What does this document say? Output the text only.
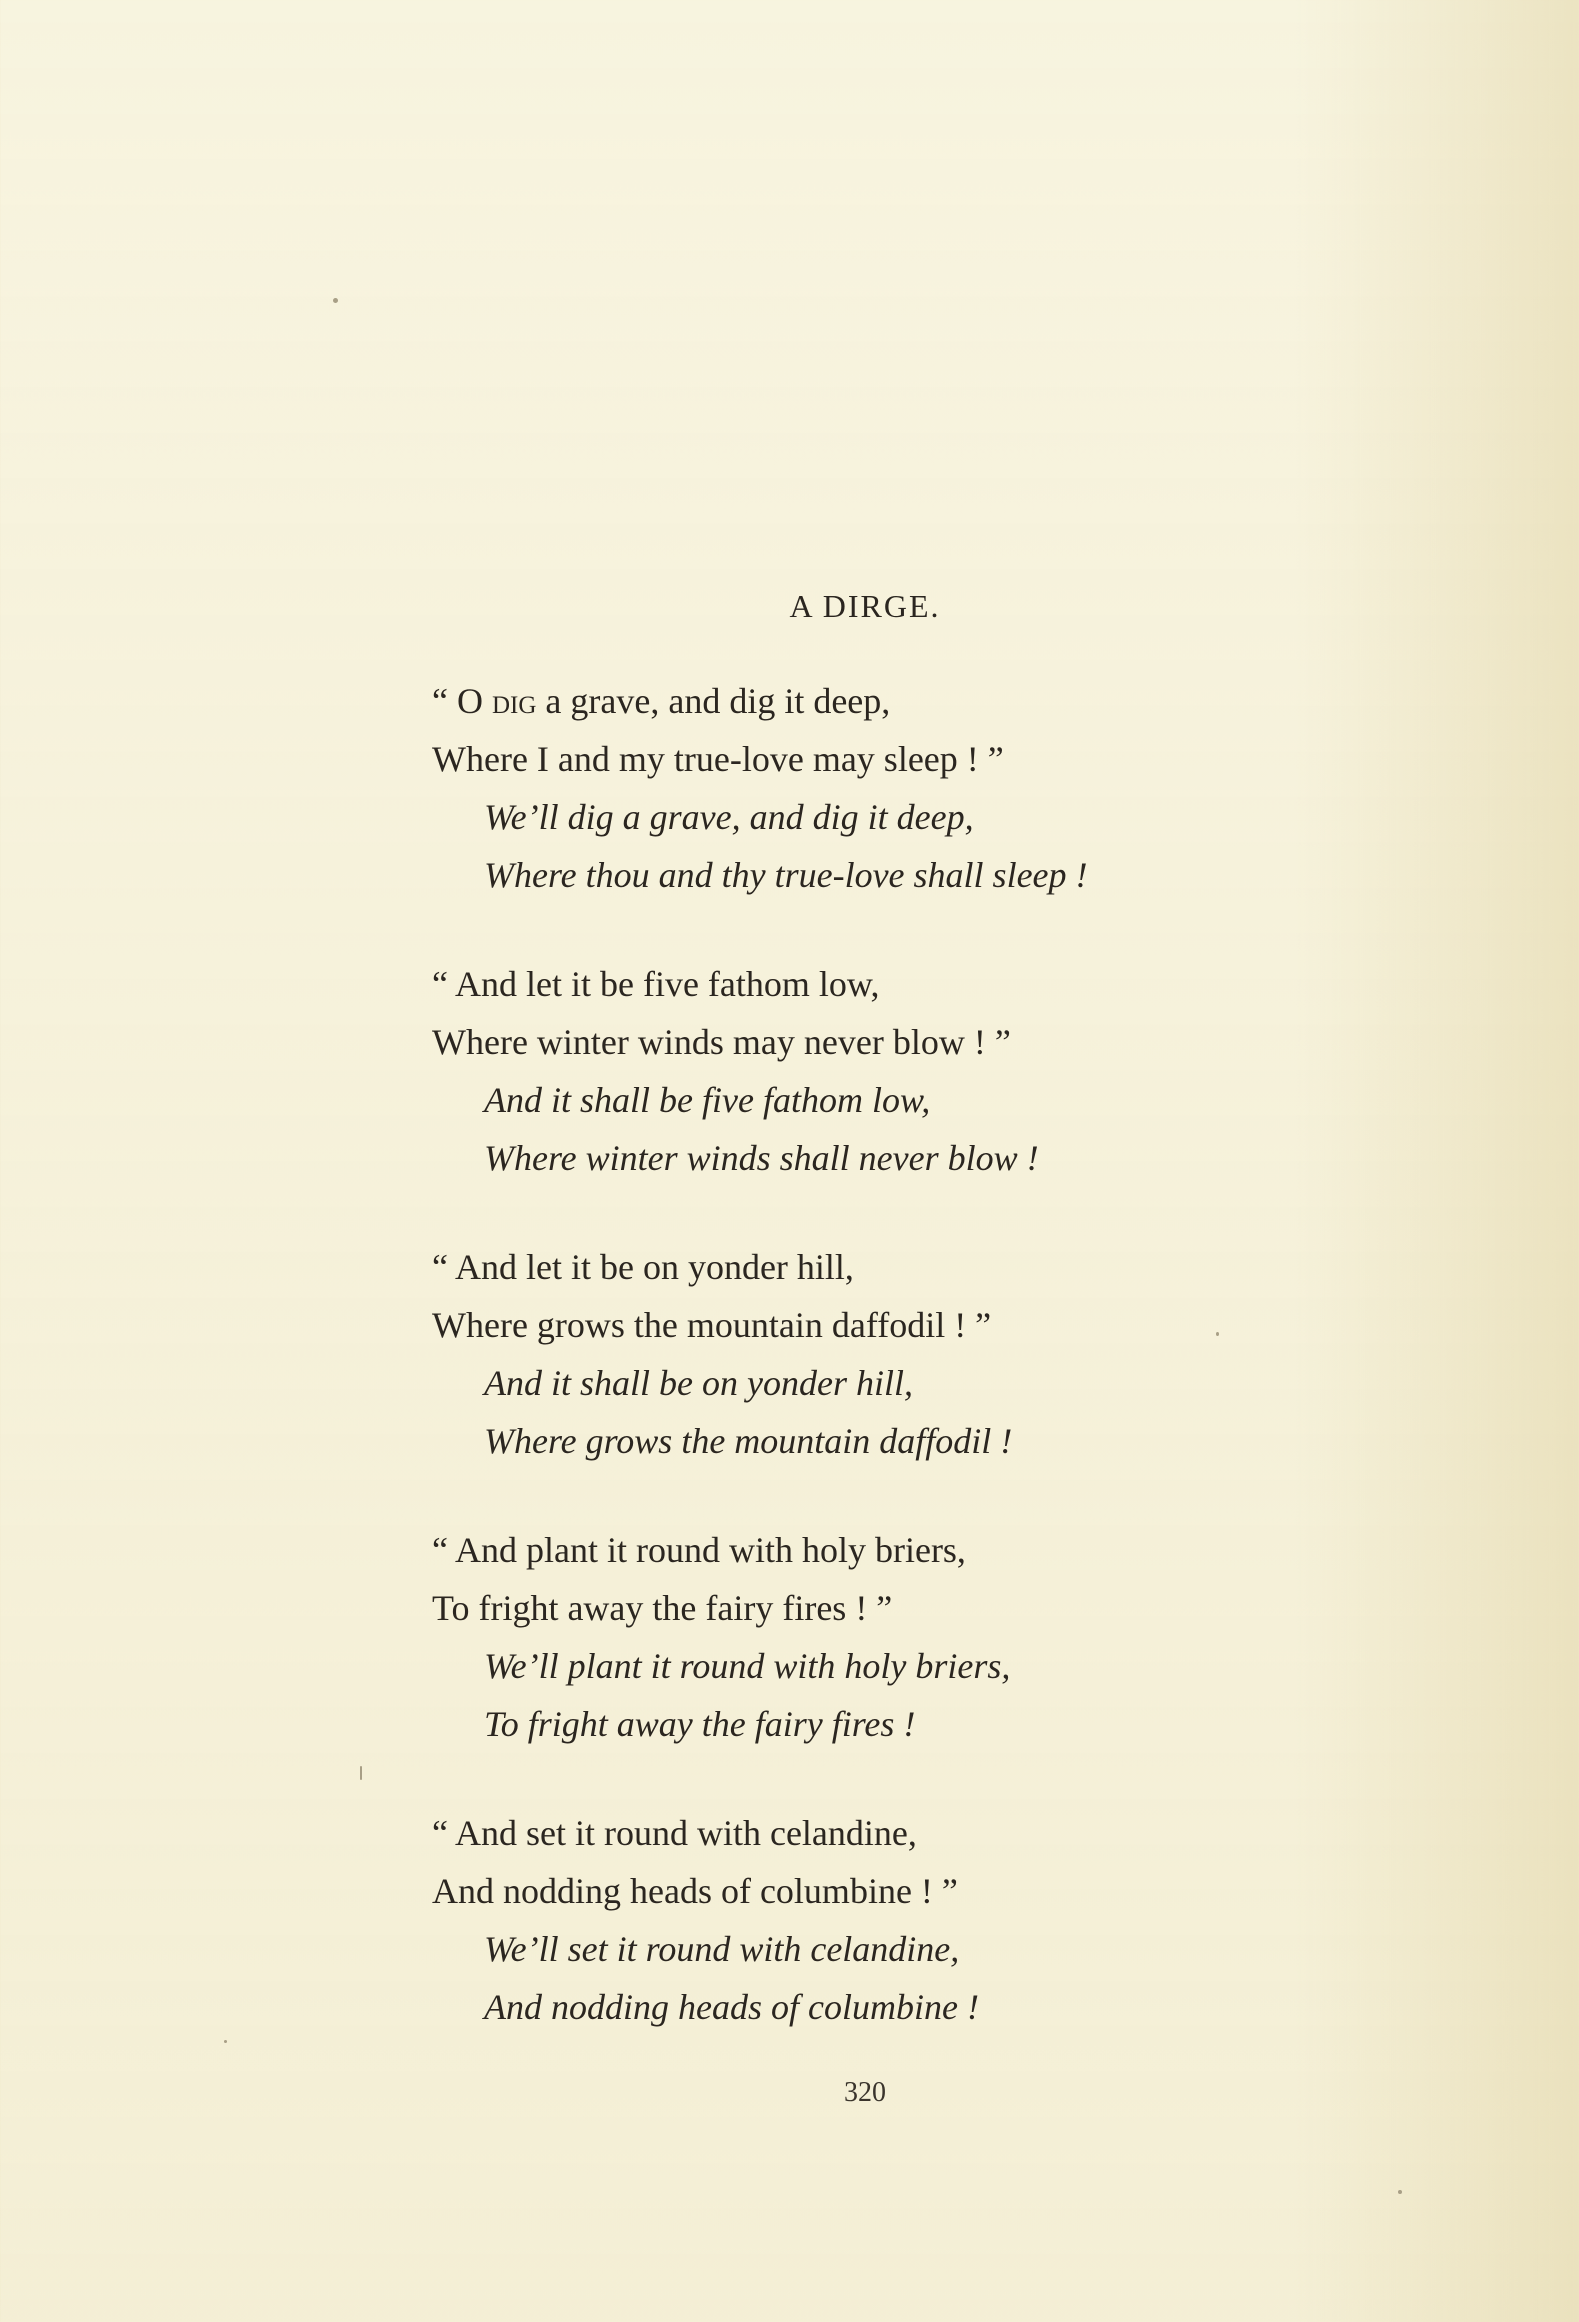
A DIRGE.
“ O dig a grave, and dig it deep,
Where I and my true-love may sleep ! ”
We’ll dig a grave, and dig it deep,
Where thou and thy true-love shall sleep !
“ And let it be five fathom low,
Where winter winds may never blow ! ”
And it shall be five fathom low,
Where winter winds shall never blow !
“ And let it be on yonder hill,
Where grows the mountain daffodil ! ”
And it shall be on yonder hill,
Where grows the mountain daffodil !
“ And plant it round with holy briers,
To fright away the fairy fires ! ”
We’ll plant it round with holy briers,
To fright away the fairy fires !
“ And set it round with celandine,
And nodding heads of columbine ! ”
We’ll set it round with celandine,
And nodding heads of columbine !
320
